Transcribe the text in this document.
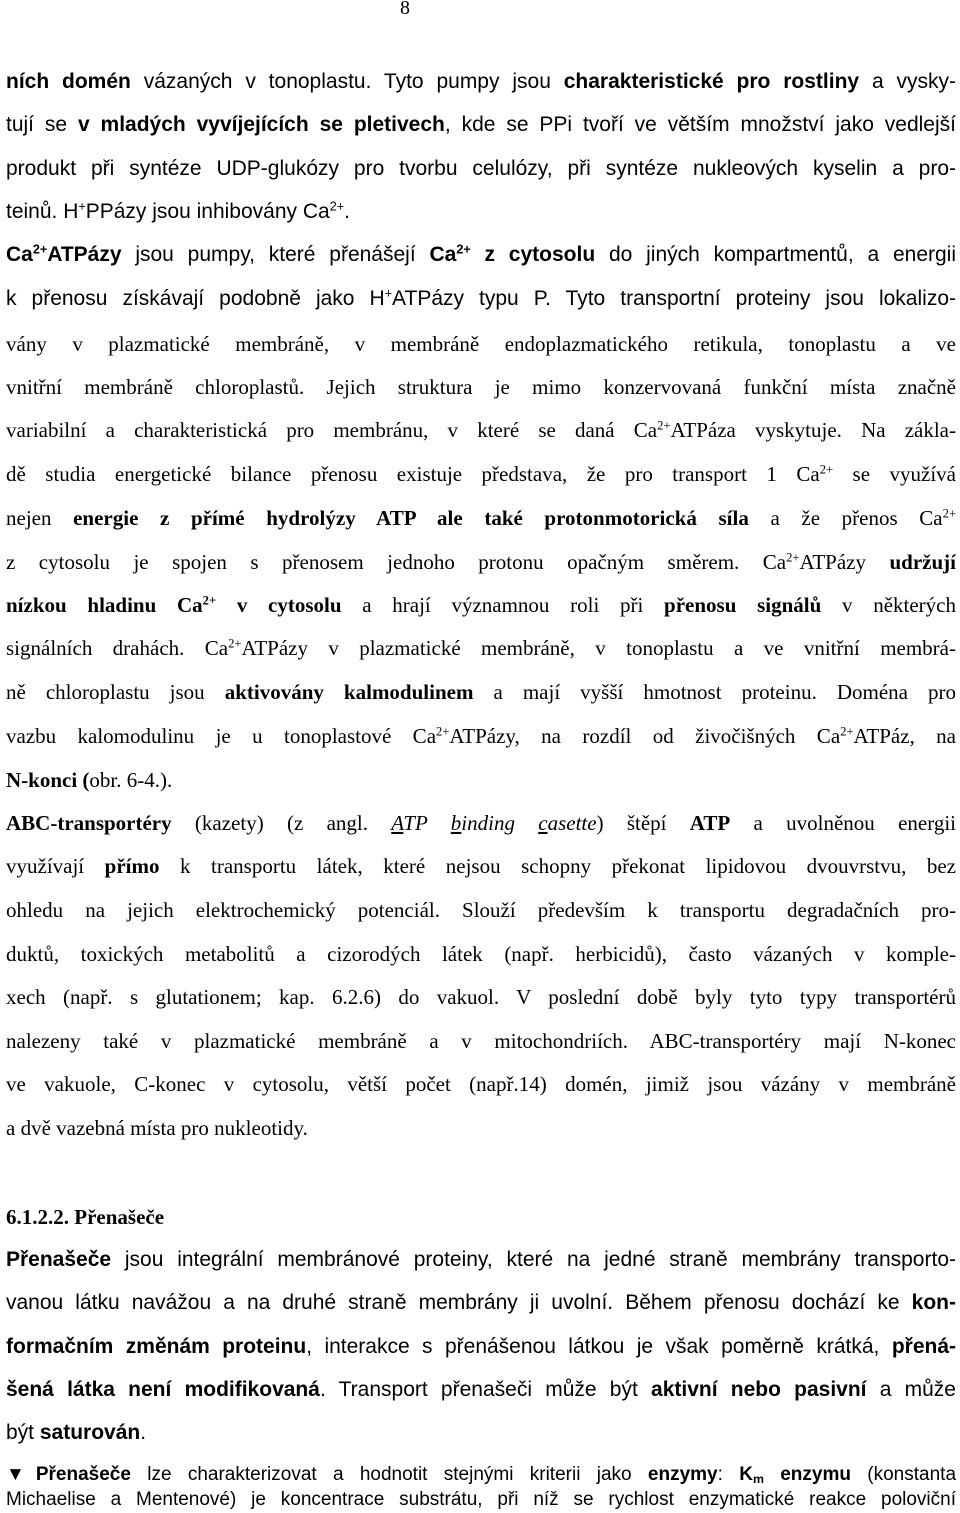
8
ních domén vázaných v tonoplastu. Tyto pumpy jsou charakteristické pro rostliny a vysky-
tují se v mladých vyvíjejících se pletivech, kde se PPi tvoří ve větším množství jako vedlejší
produkt při syntéze UDP-glukózy pro tvorbu celulózy, při syntéze nukleových kyselin a pro-
teinů. H+PPázy jsou inhibovány $Ca^{2+}$.
$Ca^{2+}ATPázy$ jsou pumpy, které přenášejí $Ca^{2+}$ z cytosolu do jiných kompartmentů, a energii
k přenosu získávají podobně jako H+ATPázy typu P. Tyto transportní proteiny jsou lokalizo-
vány v plazmatické membráně, v membráně endoplazmatického retikula, tonoplastu a ve
vnitřní membráně chloroplastů. Jejich struktura je mimo konzervovaná funkční místa značně
variabilní a charakteristická pro membránu, v které se daná $Ca^{2+}ATPáza$ vyskytuje. Na zákla-
dě studia energetické bilance přenosu existuje představa, že pro transport 1 $Ca^{2+}$ se využívá
nejen energie z přímé hydrolýzy ATP ale také protonmotorická síla a že přenos $Ca^{2+}$
z cytosolu je spojen s přenosem jednoho protonu opačným směrem. $Ca^{2+}ATPázy$ udržují
nízkou hladinu $Ca^{2+}$ v cytosolu a hrají významnou roli při přenosu signálů v některých
signálních drahách. $Ca^{2+}ATPázy$ v plazmatické membráně, v tonoplastu a ve vnitřní membrá-
ně chloroplastu jsou aktivovány kalmodulinem a mají vyšší hmotnost proteinu. Doména pro
vazbu kalomodulinu je u tonoplastové $Ca^{2+}ATPázy$, na rozdíl od živočišných $Ca^{2+}ATPáz$, na
N-konci (obr. 6-4.).
ABC-transportéry (kazety) (z angl. ATP binding casette) štěpí ATP a uvolněnou energii
využívají přímo k transportu látek, které nejsou schopny překonat lipidovou dvouvrstvu, bez
ohledu na jejich elektrochemický potenciál. Slouží především k transportu degradačních pro-
duktů, toxických metabolitů a cizorodých látek (např. herbicidů), často vázaných v komple-
xech (např. s glutationem; kap. 6.2.6) do vakuol. V poslední době byly tyto typy transportérů
nalezeny také v plazmatické membráně a v mitochondriích. ABC-transportéry mají N-konec
ve vakuole, C-konec v cytosolu, větší počet (např.14) domén, jimiž jsou vázány v membráně
a dvě vazebná místa pro nukleotidy.
6.1.2.2. Přenašeče
Přenašeče jsou integrální membránové proteiny, které na jedné straně membrány transporto-
vanou látku navážou a na druhé straně membrány ji uvolní. Během přenosu dochází ke kon-
formačním změnám proteinu, interakce s přenášenou látkou je však poměrně krátká, přená-
šená látka není modifikovaná. Transport přenašeči může být aktivní nebo pasivní a může
být saturován.
▼Přenašeče lze charakterizovat a hodnotit stejnými kriterii jako enzymy: $K_m$ enzymu (konstanta
Michaelise a Mentenové) je koncentrace substrátu, při níž se rychlost enzymatické reakce poloviční
